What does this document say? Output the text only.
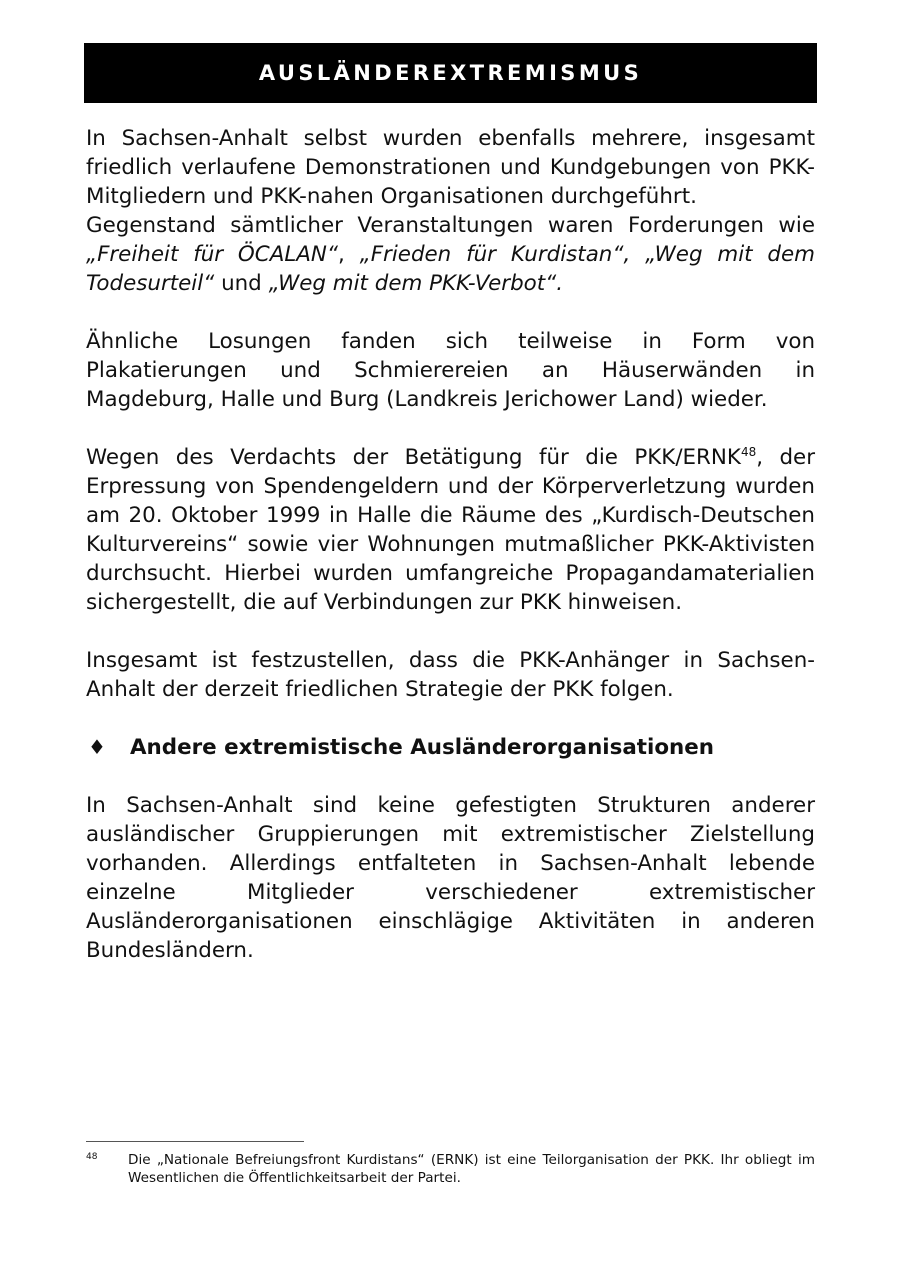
AUSLÄNDEREXTREMISMUS

In Sachsen-Anhalt selbst wurden ebenfalls mehrere, insgesamt friedlich verlaufene Demonstrationen und Kundgebungen von PKK-Mitgliedern und PKK-nahen Organisationen durchgeführt.

Gegenstand sämtlicher Veranstaltungen waren Forderungen wie „Freiheit für ÖCALAN“, „Frieden für Kurdistan“, „Weg mit dem Todesurteil“ und „Weg mit dem PKK-Verbot“.

Ähnliche Losungen fanden sich teilweise in Form von Plakatierungen und Schmierereien an Häuserwänden in Magdeburg, Halle und Burg (Landkreis Jerichower Land) wieder.

Wegen des Verdachts der Betätigung für die PKK/ERNK$^{48}$, der Erpressung von Spendengeldern und der Körperverletzung wurden am 20. Oktober 1999 in Halle die Räume des „Kurdisch-Deutschen Kulturvereins“ sowie vier Wohnungen mutmaßlicher PKK-Aktivisten durchsucht. Hierbei wurden umfangreiche Propagandamaterialien sichergestellt, die auf Verbindungen zur PKK hinweisen.

Insgesamt ist festzustellen, dass die PKK-Anhänger in Sachsen-Anhalt der derzeit friedlichen Strategie der PKK folgen.

♦	Andere extremistische Ausländerorganisationen

In Sachsen-Anhalt sind keine gefestigten Strukturen anderer ausländischer Gruppierungen mit extremistischer Zielstellung vorhanden. Allerdings entfalteten in Sachsen-Anhalt lebende einzelne Mitglieder verschiedener extremistischer Ausländerorganisationen einschlägige Aktivitäten in anderen Bundesländern.

48	Die „Nationale Befreiungsfront Kurdistans“ (ERNK) ist eine Teilorganisation der PKK. Ihr obliegt im Wesentlichen die Öffentlichkeitsarbeit der Partei.
